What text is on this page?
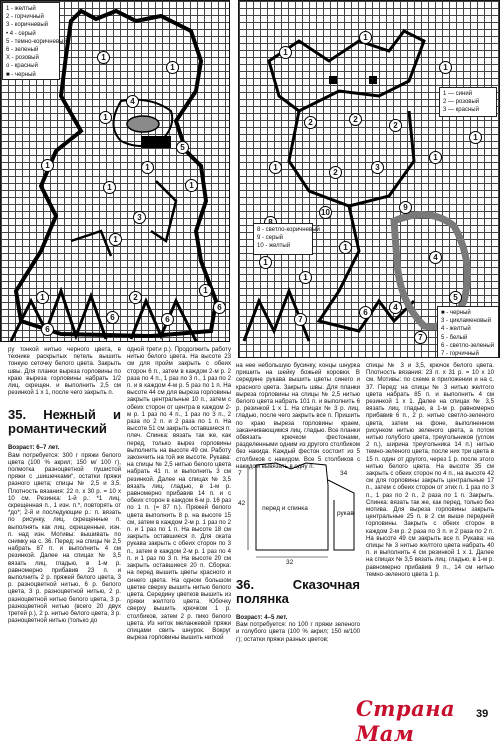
1
1
1
1
1
1
1
1
1
1
2
3
4
5
6
6	6
6
1 - желтый
2 - горчичный
3 - коричневый
• 4 - серый
5 - темно-коричневый
6 - зеленый
X - розовый
о - красный
■ - черный
1
1
1
1
1
1
1
1
1
2	2
2
2
3
4
4
5
6
7
7
9
10
1 — синий
2 — розовый
3 — красный
8 - светло-коричневый
9 - серый
10 - желтый
■ - черный
3 - цикламеновый
4 - желтый
5 - белый
6 - светло-зеленый
7 - горчичный

ру тонкой нитью черного цвета, в технике раскрытых петель вышить тонкую сеточку белого цвета. Закрыть швы. Для планки выреза горловины по краю выреза горловины набрать 1/2 лиц. скрещен. и выполнить 2,5 см резинкой 1 х 1, после чего закрыть п.

35. Нежный и романтический

Возраст: 6–7 лет.

Вам потребуется: 300 г пряжи белого цвета (100 % акрил; 150 м/ 100 г), полмотка разноцветной пушистой пряжи с „шишечками“, остатки пряжи разного цвета; спицы № 2,5 и 3,5. Плотность вязания: 22 п. х 30 р. = 10 х 10 см. Резинка: 1-й р.: *1 лиц. скрещенная п., 1 изн. п.*, повторять от *до*; 2-й и последующие р.: п. вязать по рисунку, лиц. скрещенные п. выполнять как лиц. скрещенные, изн. п. над изн. Мотивы: вышивать по снимку на с. 36. Перед: на спицы № 2,5 набрать 87 п. и выполнить 4 см резинкой. Далее на спицах № 3,5 вязать лиц. гладью, в 1-м р. равномерно прибавив 23 п. и выполнить 2 р. пряжей белого цвета, 3 р. разноцветной нитью, 6 р. белого цвета, 3 р. разноцветной нитью, 2 р. разноцветной нитью белого цвета, 3 р. разноцветной нитью (всего 20 двух третей р.), 2 р. нитью белого цвета, 3 р. разноцветной нитью (только до

одной трети р.). Продолжить работу нитью белого цвета. На высоте 23 см для пройм закрыть с обеих сторон 6 п., затем в каждом 2-м р. 2 раза по 4 п., 1 раз по 3 п., 1 раз по 2 п. и в каждом 4-м р. 5 раз по 1 п. На высоте 44 см для выреза горловины закрыть центральные 10 п., затем с обеих сторон от центра в каждом 2-м р. 1 раз по 4 п., 1 раз по 3 п., 2 раза по 2 п. и 2 раза по 1 п. На высоте 51 см закрыть оставшиеся п. плеч. Спинка: вязать так же, как перед, только вырез горловины выполнить на высоте 49 см. Работу закончить на той же высоте. Рукава: на спицы № 2,5 нитью белого цвета набрать 41 п. и выполнить 3 см резинкой. Далее на спицах № 3,5 вязать лиц. гладью, в 1-м р. равномерно прибавив 14 п. и с обеих сторон в каждом 6-м р. 16 раз по 1 п. (= 87 п.). Пряжей белого цвета выполнить 8 р. на высоте 15 см, затем в каждом 2-м р. 1 раз по 2 п. и 1 раз по 1 п. На высоте 18 см закрыть оставшиеся п. Для оката рукава закрыть с обеих сторон по 3 п., затем в каждом 2-м р. 1 раз по 4 п. и 1 раз по 3 п. На высоте 20 см закрыть оставшиеся 20 п. Сборка: на перед вышить цветы красного и синего цвета. На одном большом цветке сверху вышить нитью белого цвета. Середину цветков вышить из пряжи желтого цвета. Юбочку сверху вышить крючком 1 р. столбиков, затем 2 р. пико белого цвета. Из ниток меланжевой пряжи спицами свить шнурок. Вокруг выреза горловины вышить ниткой

на нее небольшую бусинку, концы шнурка пришить на шейку божьей коровки. В середине рукава вышить цветы синего и красного цвета. Закрыть швы. Для планки выреза горловины на спицы № 2,5 нитью белого цвета набрать 101 п. и выполнить 6 р. резинкой 1 х 1. На спицах № 3 р. лиц. гладью, после чего закрыть все п. Пришить по краю выреза горловины краем, заканчивающимся лиц. гладью. Все планки обвязать крючком фестонами, разделенными одним из другого столбиком без накида. Каждый фестон состоит из 5 столбиков с накидом. Все 5 столбиков с накидом вывязать в одну п.

перед и спинка
32
42
7	34
рукав
36. Сказочная полянка

Возраст: 4–5 лет.

Вам потребуется: по 100 г пряжи зеленого и голубого цвета (100 % акрил; 150 м/100 г); остатки пряжи разных цветов;

спицы № 3 и 3,5, крючок белого цвета. Плотность вязания: 23 п. х 31 р. = 10 х 10 см. Мотивы: по схеме в приложении и на с. 37. Перед: на спицы № 3 нитью желтого цвета набрать 85 п. и выполнить 4 см резинкой 1 х 1. Далее на спицах № 3,5 вязать лиц. гладью, в 1-м р. равномерно прибавив 6 п., 2 р. нитью светло-зеленого цвета, затем на фоне, выполненном рисунком нитью зеленого цвета, а потом нитью голубого цвета, треугольников (углом 2 п.), ширина треугольника 14 п.) нитью темно-зеленого цвета, после них три цвета в 15 п. один от другого, через 1 р. после этого нитью белого цвета. На высоте 35 см закрыть с обеих сторон по 4 п., на высоте 42 см для горловины закрыть центральные 17 п., затем с обеих сторон от этих п. 1 раз по 3 п., 1 раз по 2 п., 2 раза по 1 п. Закрыть. Спинка: вязать так же, как перед, только без мотива. Для выреза горловины закрыть центральные 25 п. в 2 см выше передней горловины. Закрыть с обеих сторон в каждом 2-м р. 2 раза по 3 п. и 2 раза по 2 п. На высоте 49 см закрыть все п. Рукава: на спицы № 3 нитью желтого цвета набрать 40 п. и выполнить 4 см резинкой 1 х 1. Далее на спицах № 3,5 вязать лиц. гладью, в 1-м р. равномерно прибавив 9 п., 14 см нитью темно-зеленого цвета 1 р.

39
Страна Мам
